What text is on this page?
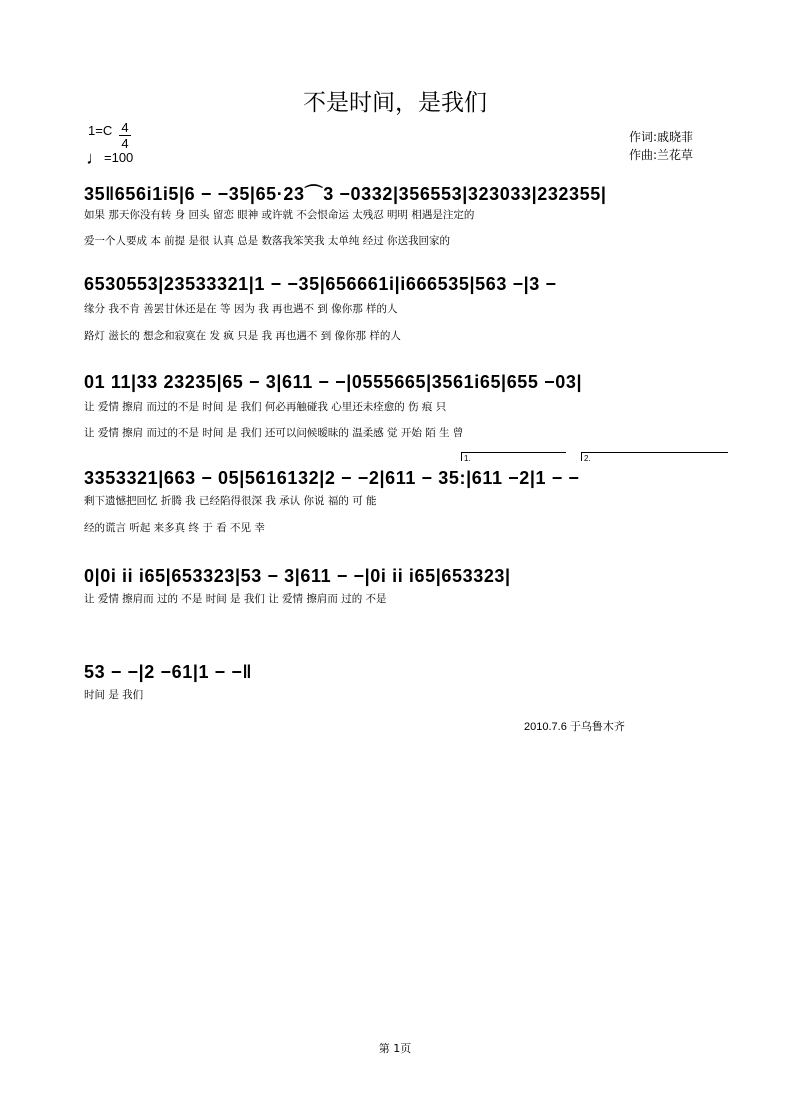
不是时间，是我们
1=C 4
4
♩=100
作词:戚晓菲
作曲:兰花草
35‖656i1i5|6 − −35|65·23⌒3 −0332|356553|323033|232355|
如果 那天你没有转 身 回头 留恋 眼神 或许就 不会恨命运 太残忍 明明 相遇是注定的
爱一个人要成 本 前提 是很 认真 总是 数落我笨笑我 太单纯 经过 你送我回家的
6530553|23533321|1 − −35|656661i|i666535|563 −|3 −
缘分 我不肯 善罢甘休还是在 等 因为 我 再也遇不 到 像你那 样的人
路灯 滋长的 想念和寂寞在 发 疯 只是 我 再也遇不 到 像你那 样的人
01 11|33 23235|65 − 3|611 − −|0555665|3561i65|655 −03|
让 爱情 擦肩 而过的不是 时间 是 我们 何必再触碰我 心里还未痊愈的 伤 痕 只
让 爱情 擦肩 而过的不是 时间 是 我们 还可以问候暧昧的 温柔感 觉 开始 陌 生 曾
1.	2.
3353321|663 − 05|5616132|2 − −2|611 − 35:|611 −2|1 − −
剩下遗憾把回忆 折腾 我 已经陷得很深 我 承认 你说 福的 可 能
经的谎言 听起 来多真 终 于 看 不见 幸
0|0i ii i65|653323|53 − 3|611 − −|0i ii i65|653323|
让 爱情 擦肩而 过的 不是 时间 是 我们 让 爱情 擦肩而 过的 不是
53 − −|2 −61|1 − −‖
时间 是 我们
2010.7.6 于乌鲁木齐
第 1页
